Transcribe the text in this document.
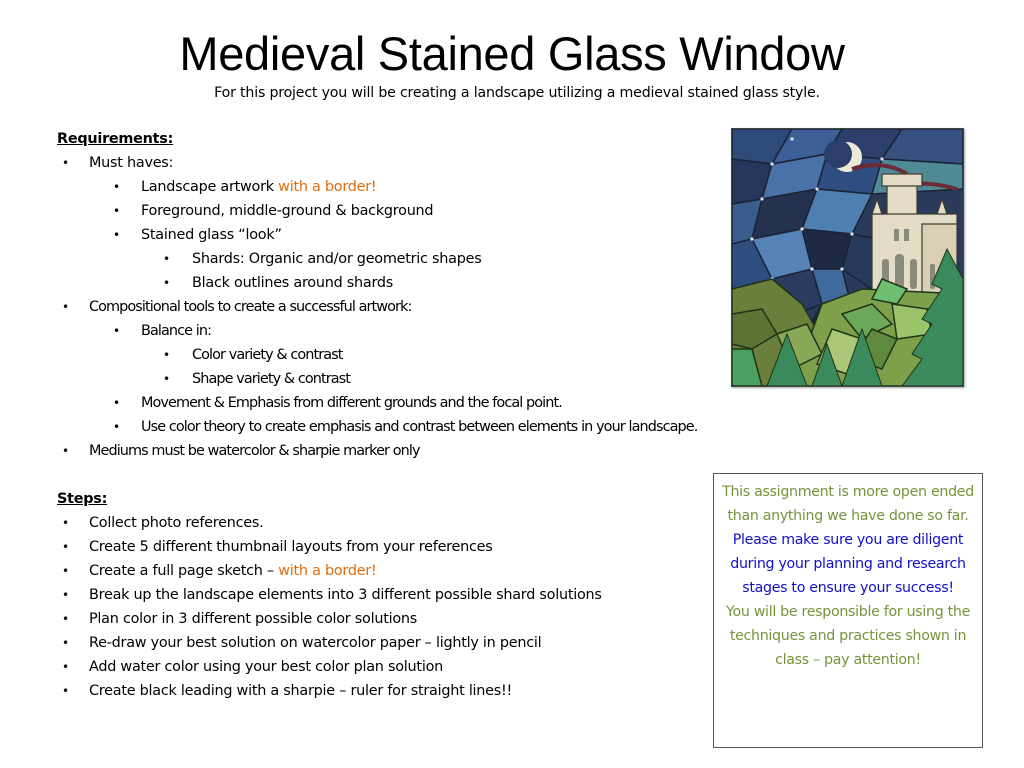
Medieval Stained Glass Window
For this project you will be creating a landscape utilizing a medieval stained glass style.
Requirements:
• Must haves:
• Landscape artwork with a border!
• Foreground, middle-ground & background
• Stained glass “look”
• Shards: Organic and/or geometric shapes
• Black outlines around shards
• Compositional tools to create a successful artwork:
• Balance in:
• Color variety & contrast
• Shape variety & contrast
• Movement & Emphasis from different grounds and the focal point.
• Use color theory to create emphasis and contrast between elements in your landscape.
• Mediums must be watercolor & sharpie marker only
Steps:
• Collect photo references.
• Create 5 different thumbnail layouts from your references
• Create a full page sketch – with a border!
• Break up the landscape elements into 3 different possible shard solutions
• Plan color in 3 different possible color solutions
• Re-draw your best solution on watercolor paper – lightly in pencil
• Add water color using your best color plan solution
• Create black leading with a sharpie – ruler for straight lines!!
This assignment is more open ended than anything we have done so far.
Please make sure you are diligent during your planning and research stages to ensure your success!
You will be responsible for using the techniques and practices shown in class – pay attention!
